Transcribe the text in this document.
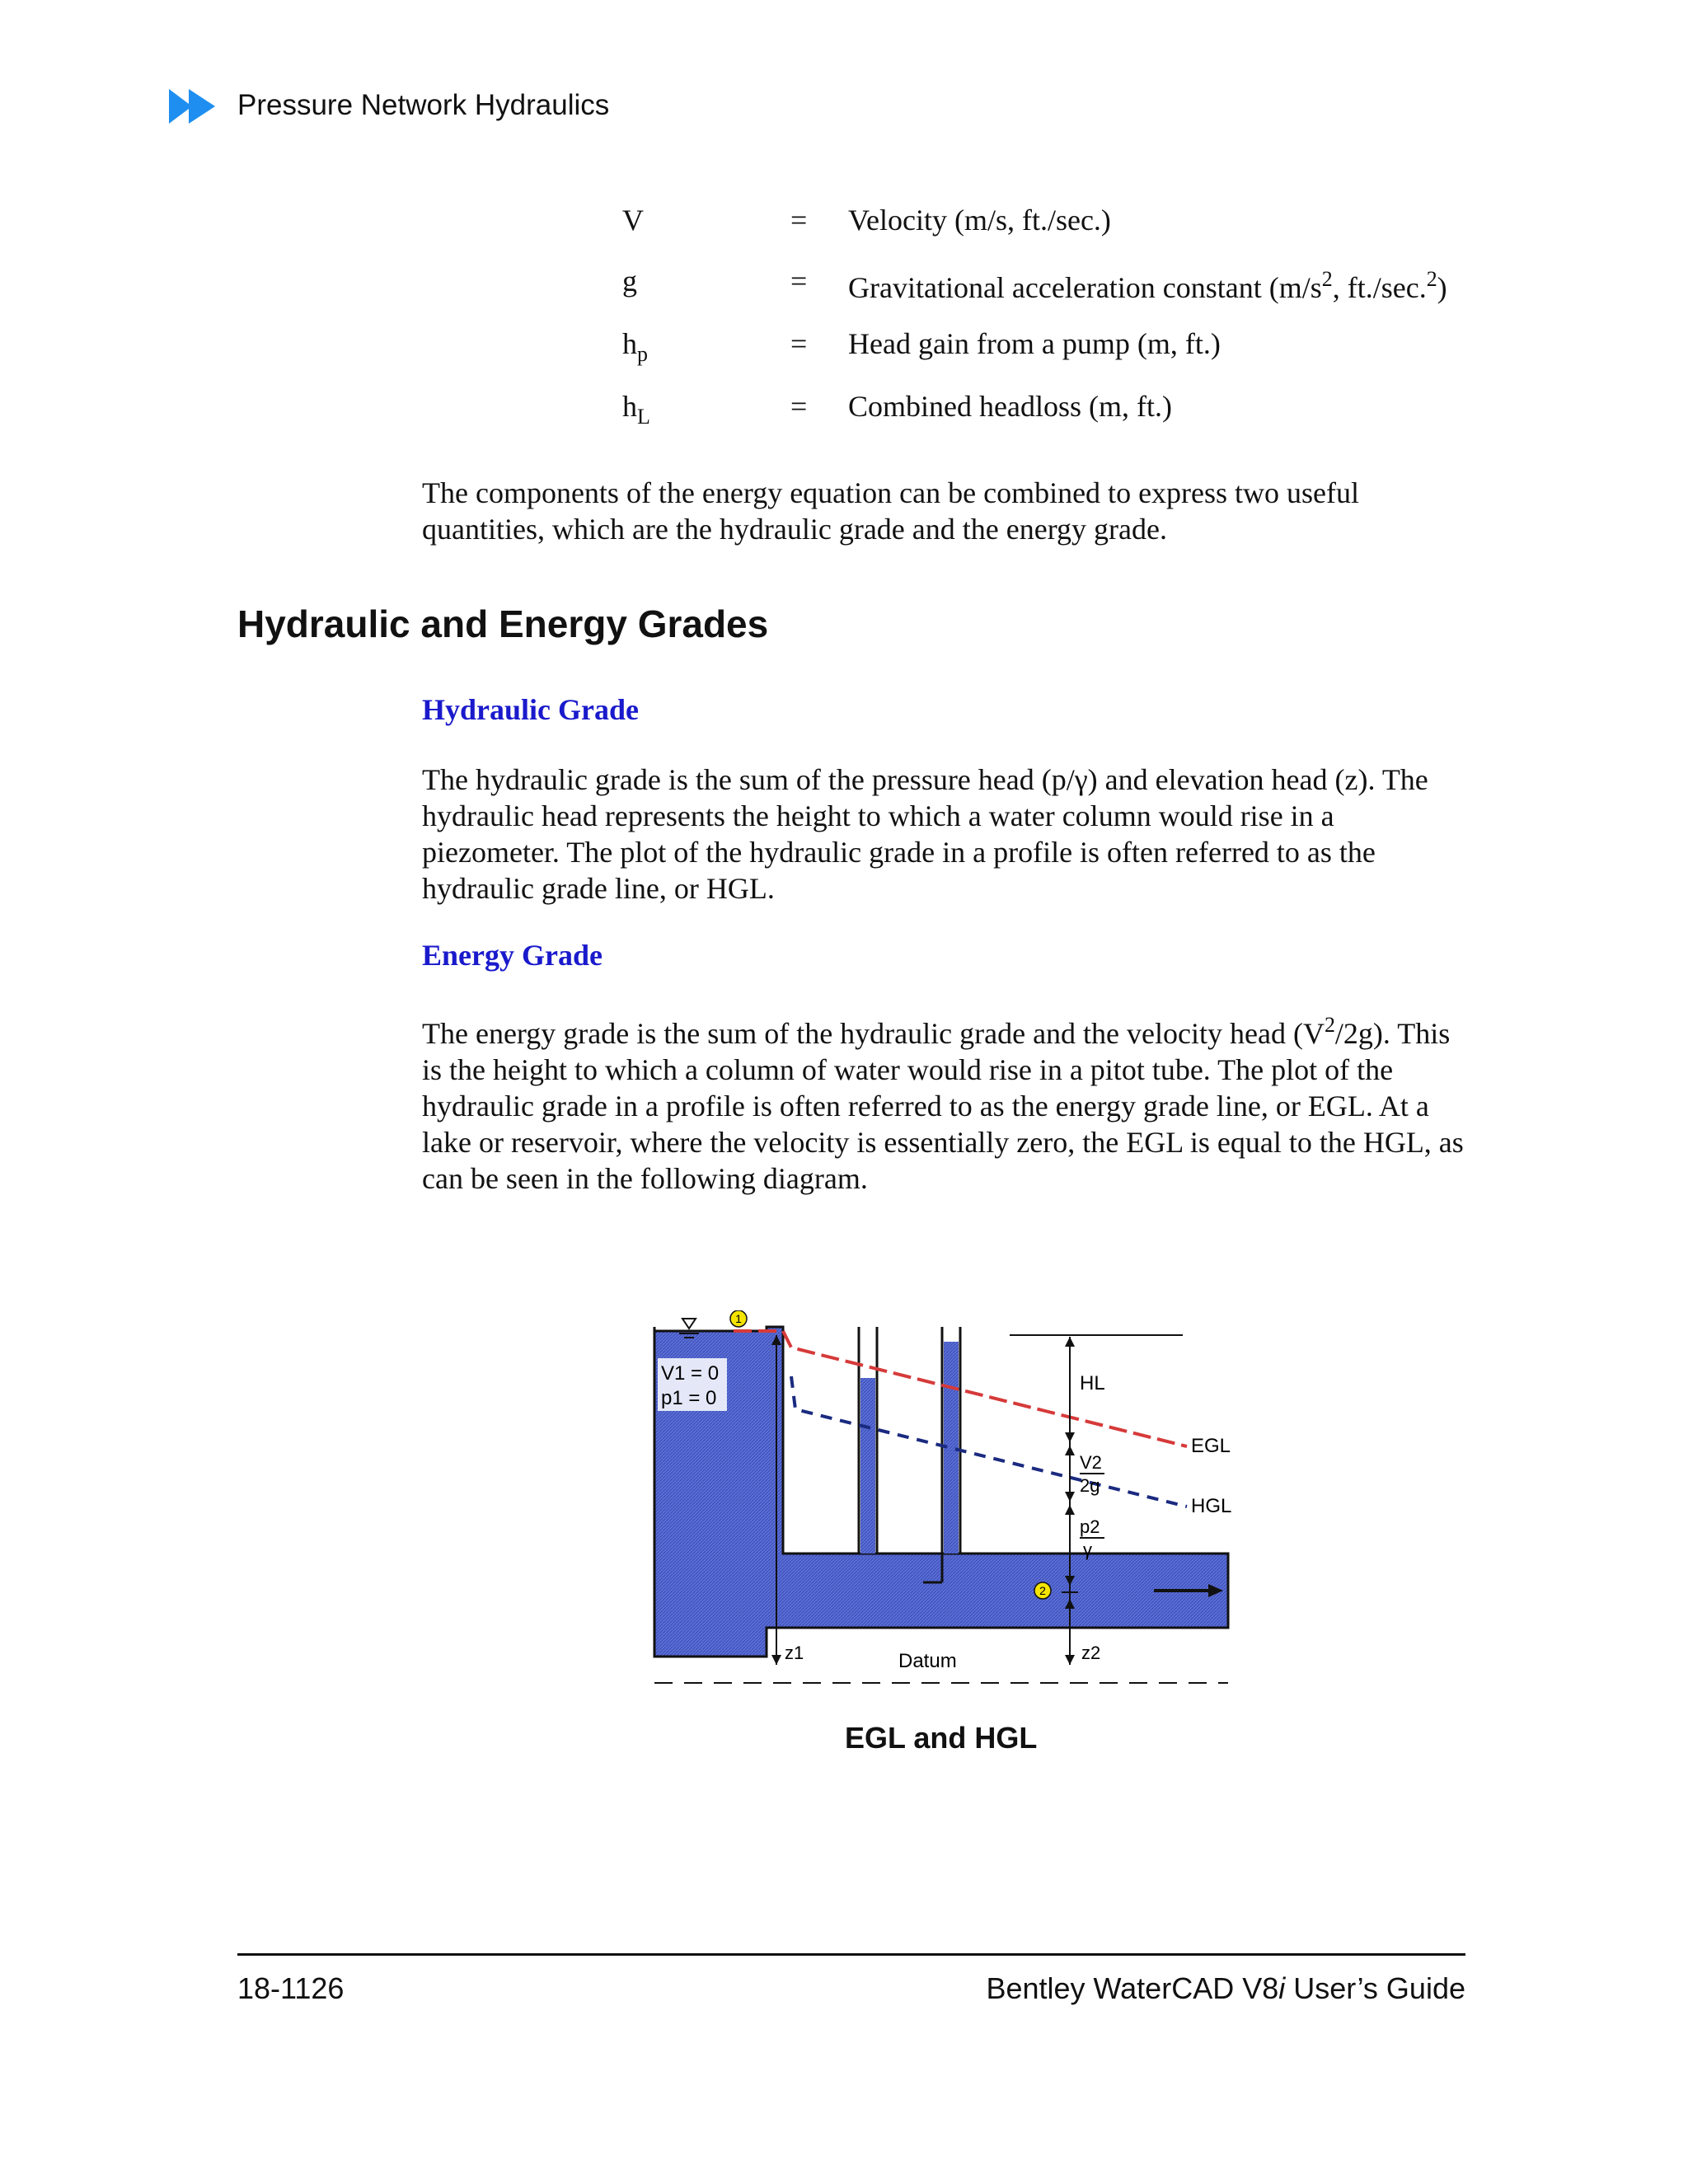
Pressure Network Hydraulics
V	= Velocity (m/s, ft./sec.)
g	= Gravitational acceleration constant ($m/s^2$, ft./sec.$^2$)
$h_p$	= Head gain from a pump (m, ft.)
$h_L$	= Combined headloss (m, ft.)

The components of the energy equation can be combined to express two useful quantities, which are the hydraulic grade and the energy grade.

Hydraulic and Energy Grades
Hydraulic Grade

The hydraulic grade is the sum of the pressure head (p/γ) and elevation head (z). The hydraulic head represents the height to which a water column would rise in a piezometer. The plot of the hydraulic grade in a profile is often referred to as the hydraulic grade line, or HGL.

Energy Grade

The energy grade is the sum of the hydraulic grade and the velocity head $(V^2/2g)$. This is the height to which a column of water would rise in a pitot tube. The plot of the hydraulic grade in a profile is often referred to as the energy grade line, or EGL. At a lake or reservoir, where the velocity is essentially zero, the EGL is equal to the HGL, as can be seen in the following diagram.

1
2
V1 = 0
p1 = 0
EGL
HGL
HL
V2
2g
p2
γ
z1	z2
Datum
EGL and HGL
18-1126	Bentley WaterCAD V8i User’s Guide
